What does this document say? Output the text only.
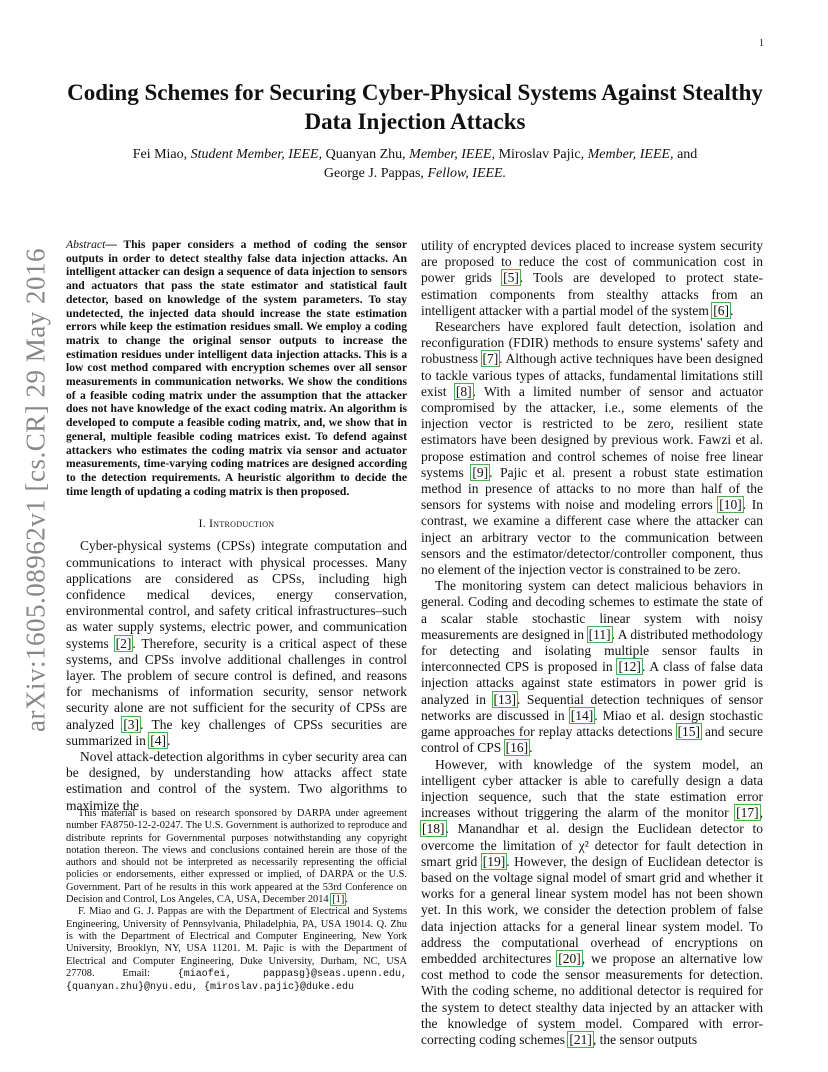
1
arXiv:1605.08962v1 [cs.CR] 29 May 2016
Coding Schemes for Securing Cyber-Physical Systems Against Stealthy Data Injection Attacks
Fei Miao, Student Member, IEEE, Quanyan Zhu, Member, IEEE, Miroslav Pajic, Member, IEEE, and
George J. Pappas, Fellow, IEEE.

Abstract— This paper considers a method of coding the sensor outputs in order to detect stealthy false data injection attacks. An intelligent attacker can design a sequence of data injection to sensors and actuators that pass the state estimator and statistical fault detector, based on knowledge of the system parameters. To stay undetected, the injected data should increase the state estimation errors while keep the estimation residues small. We employ a coding matrix to change the original sensor outputs to increase the estimation residues under intelligent data injection attacks. This is a low cost method compared with encryption schemes over all sensor measurements in communication networks. We show the conditions of a feasible coding matrix under the assumption that the attacker does not have knowledge of the exact coding matrix. An algorithm is developed to compute a feasible coding matrix, and, we show that in general, multiple feasible coding matrices exist. To defend against attackers who estimates the coding matrix via sensor and actuator measurements, time-varying coding matrices are designed according to the detection requirements. A heuristic algorithm to decide the time length of updating a coding matrix is then proposed.

I. Introduction

Cyber-physical systems (CPSs) integrate computation and communications to interact with physical processes. Many applications are considered as CPSs, including high confidence medical devices, energy conservation, environmental control, and safety critical infrastructures–such as water supply systems, electric power, and communication systems [2]. Therefore, security is a critical aspect of these systems, and CPSs involve additional challenges in control layer. The problem of secure control is defined, and reasons for mechanisms of information security, sensor network security alone are not sufficient for the security of CPSs are analyzed [3]. The key challenges of CPSs securities are summarized in [4].

Novel attack-detection algorithms in cyber security area can be designed, by understanding how attacks affect state estimation and control of the system. Two algorithms to maximize the

This material is based on research sponsored by DARPA under agreement number FA8750-12-2-0247. The U.S. Government is authorized to reproduce and distribute reprints for Governmental purposes notwithstanding any copyright notation thereon. The views and conclusions contained herein are those of the authors and should not be interpreted as necessarily representing the official policies or endorsements, either expressed or implied, of DARPA or the U.S. Government. Part of he results in this work appeared at the 53rd Conference on Decision and Control, Los Angeles, CA, USA, December 2014 [1].

F. Miao and G. J. Pappas are with the Department of Electrical and Systems Engineering, University of Pennsylvania, Philadelphia, PA, USA 19014. Q. Zhu is with the Department of Electrical and Computer Engineering, New York University, Brooklyn, NY, USA 11201. M. Pajic is with the Department of Electrical and Computer Engineering, Duke University, Durham, NC, USA 27708. Email: {miaofei, pappasg}@seas.upenn.edu, {quanyan.zhu}@nyu.edu, {miroslav.pajic}@duke.edu

utility of encrypted devices placed to increase system security are proposed to reduce the cost of communication cost in power grids [5]. Tools are developed to protect state-estimation components from stealthy attacks from an intelligent attacker with a partial model of the system [6].

Researchers have explored fault detection, isolation and reconfiguration (FDIR) methods to ensure systems' safety and robustness [7]. Although active techniques have been designed to tackle various types of attacks, fundamental limitations still exist [8]. With a limited number of sensor and actuator compromised by the attacker, i.e., some elements of the injection vector is restricted to be zero, resilient state estimators have been designed by previous work. Fawzi et al. propose estimation and control schemes of noise free linear systems [9]. Pajic et al. present a robust state estimation method in presence of attacks to no more than half of the sensors for systems with noise and modeling errors [10]. In contrast, we examine a different case where the attacker can inject an arbitrary vector to the communication between sensors and the estimator/detector/controller component, thus no element of the injection vector is constrained to be zero.

The monitoring system can detect malicious behaviors in general. Coding and decoding schemes to estimate the state of a scalar stable stochastic linear system with noisy measurements are designed in [11]. A distributed methodology for detecting and isolating multiple sensor faults in interconnected CPS is proposed in [12]. A class of false data injection attacks against state estimators in power grid is analyzed in [13]. Sequential detection techniques of sensor networks are discussed in [14]. Miao et al. design stochastic game approaches for replay attacks detections [15] and secure control of CPS [16].

However, with knowledge of the system model, an intelligent cyber attacker is able to carefully design a data injection sequence, such that the state estimation error increases without triggering the alarm of the monitor [17], [18]. Manandhar et al. design the Euclidean detector to overcome the limitation of χ² detector for fault detection in smart grid [19]. However, the design of Euclidean detector is based on the voltage signal model of smart grid and whether it works for a general linear system model has not been shown yet. In this work, we consider the detection problem of false data injection attacks for a general linear system model. To address the computational overhead of encryptions on embedded architectures [20], we propose an alternative low cost method to code the sensor measurements for detection. With the coding scheme, no additional detector is required for the system to detect stealthy data injected by an attacker with the knowledge of system model. Compared with error-correcting coding schemes [21], the sensor outputs
